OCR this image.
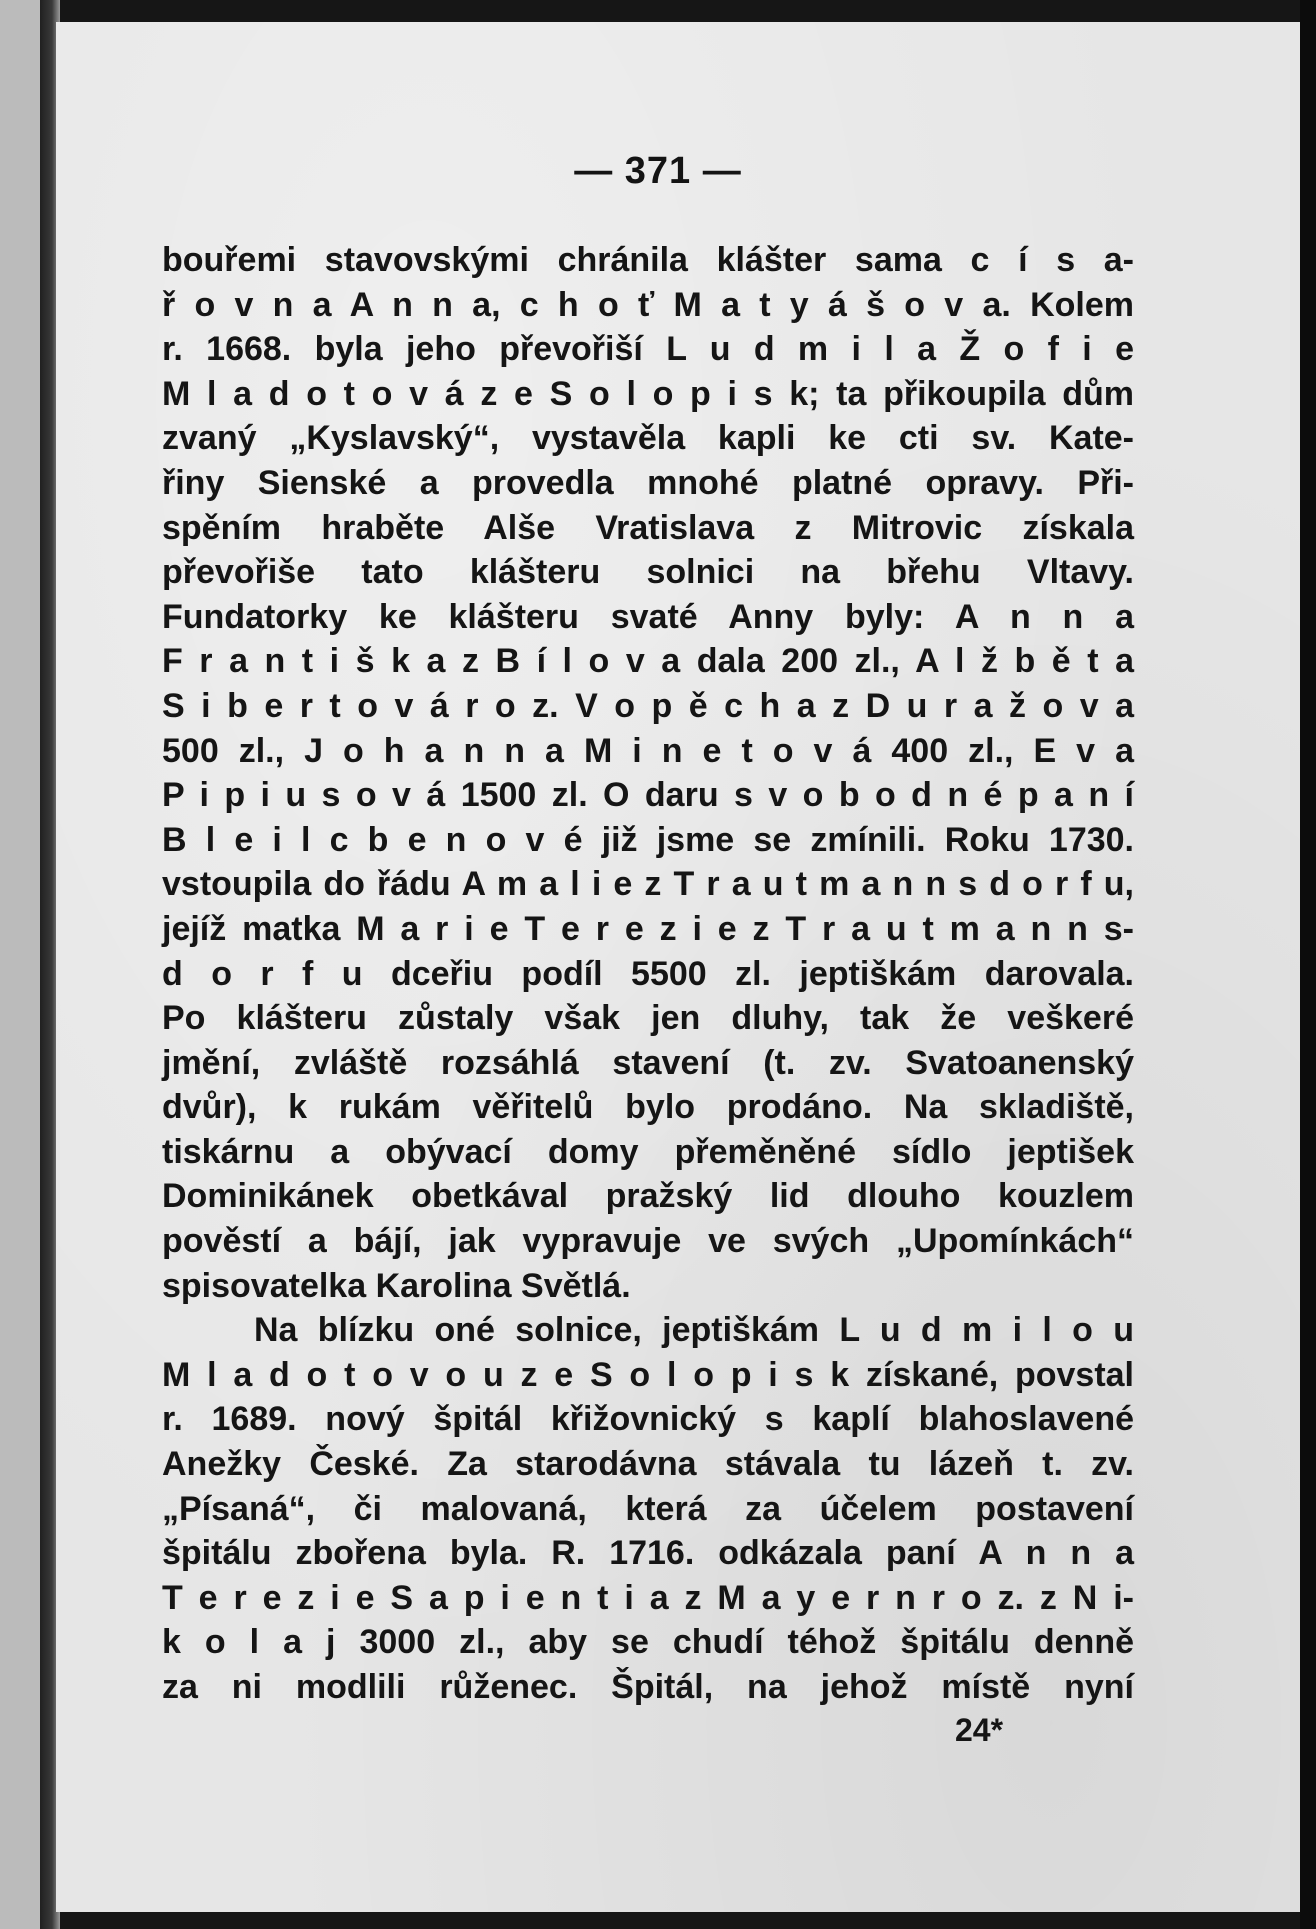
— 371 —
bouřemi stavovskými chránila klášter sama c í s a-
ř o v n a A n n a, c h o ť M a t y á š o v a. Kolem
r. 1668. byla jeho převořiší L u d m i l a Ž o f i e
M l a d o t o v á z e S o l o p i s k; ta přikoupila dům
zvaný „Kyslavský“, vystavěla kapli ke cti sv. Kate-
řiny Sienské a provedla mnohé platné opravy. Při-
spěním hraběte Alše Vratislava z Mitrovic získala
převořiše tato klášteru solnici na břehu Vltavy.
Fundatorky ke klášteru svaté Anny byly: A n n a
F r a n t i š k a z B í l o v a dala 200 zl., A l ž b ě t a
S i b e r t o v á r o z. V o p ě c h a z D u r a ž o v a
500 zl., J o h a n n a M i n e t o v á 400 zl., E v a
P i p i u s o v á 1500 zl. O daru s v o b o d n é p a n í
B l e i l c b e n o v é již jsme se zmínili. Roku 1730.
vstoupila do řádu A m a l i e z T r a u t m a n n s d o r f u,
jejíž matka M a r i e T e r e z i e z T r a u t m a n n s-
d o r f u dceřiu podíl 5500 zl. jeptiškám darovala.
Po klášteru zůstaly však jen dluhy, tak že veškeré
jmění, zvláště rozsáhlá stavení (t. zv. Svatoanenský
dvůr), k rukám věřitelů bylo prodáno. Na skladiště,
tiskárnu a obývací domy přeměněné sídlo jeptišek
Dominikánek obetkával pražský lid dlouho kouzlem
pověstí a bájí, jak vypravuje ve svých „Upomínkách“
spisovatelka Karolina Světlá.
Na blízku oné solnice, jeptiškám L u d m i l o u
M l a d o t o v o u z e S o l o p i s k získané, povstal
r. 1689. nový špitál křižovnický s kaplí blahoslavené
Anežky České. Za starodávna stávala tu lázeň t. zv.
„Písaná“, či malovaná, která za účelem postavení
špitálu zbořena byla. R. 1716. odkázala paní A n n a
T e r e z i e S a p i e n t i a z M a y e r n r o z. z N i-
k o l a j 3000 zl., aby se chudí téhož špitálu denně
za ni modlili růženec. Špitál, na jehož místě nyní
24*
